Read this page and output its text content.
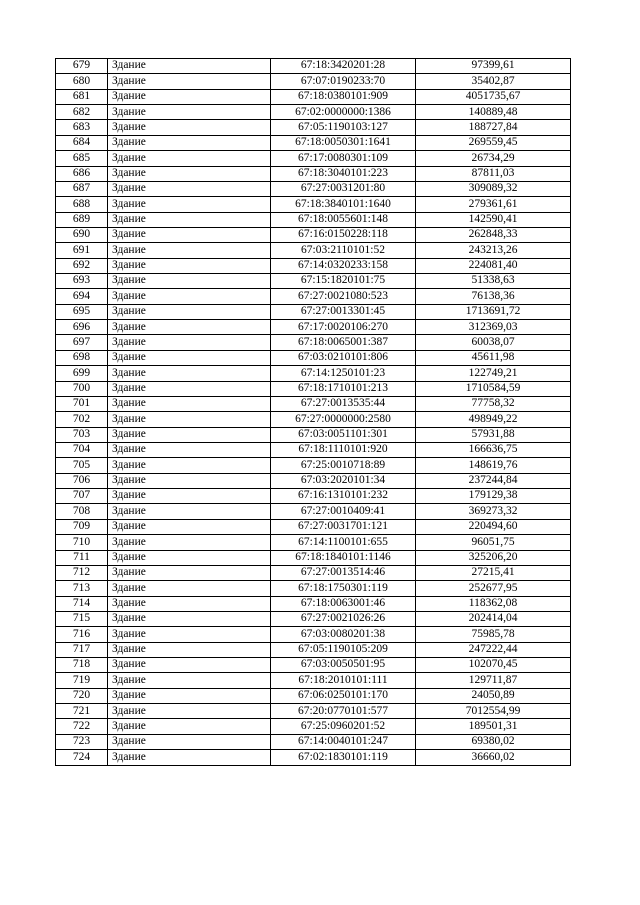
679	Здание	67:18:3420201:28	97399,61
680	Здание	67:07:0190233:70	35402,87
681	Здание	67:18:0380101:909	4051735,67
682	Здание	67:02:0000000:1386	140889,48
683	Здание	67:05:1190103:127	188727,84
684	Здание	67:18:0050301:1641	269559,45
685	Здание	67:17:0080301:109	26734,29
686	Здание	67:18:3040101:223	87811,03
687	Здание	67:27:0031201:80	309089,32
688	Здание	67:18:3840101:1640	279361,61
689	Здание	67:18:0055601:148	142590,41
690	Здание	67:16:0150228:118	262848,33
691	Здание	67:03:2110101:52	243213,26
692	Здание	67:14:0320233:158	224081,40
693	Здание	67:15:1820101:75	51338,63
694	Здание	67:27:0021080:523	76138,36
695	Здание	67:27:0013301:45	1713691,72
696	Здание	67:17:0020106:270	312369,03
697	Здание	67:18:0065001:387	60038,07
698	Здание	67:03:0210101:806	45611,98
699	Здание	67:14:1250101:23	122749,21
700	Здание	67:18:1710101:213	1710584,59
701	Здание	67:27:0013535:44	77758,32
702	Здание	67:27:0000000:2580	498949,22
703	Здание	67:03:0051101:301	57931,88
704	Здание	67:18:1110101:920	166636,75
705	Здание	67:25:0010718:89	148619,76
706	Здание	67:03:2020101:34	237244,84
707	Здание	67:16:1310101:232	179129,38
708	Здание	67:27:0010409:41	369273,32
709	Здание	67:27:0031701:121	220494,60
710	Здание	67:14:1100101:655	96051,75
711	Здание	67:18:1840101:1146	325206,20
712	Здание	67:27:0013514:46	27215,41
713	Здание	67:18:1750301:119	252677,95
714	Здание	67:18:0063001:46	118362,08
715	Здание	67:27:0021026:26	202414,04
716	Здание	67:03:0080201:38	75985,78
717	Здание	67:05:1190105:209	247222,44
718	Здание	67:03:0050501:95	102070,45
719	Здание	67:18:2010101:111	129711,87
720	Здание	67:06:0250101:170	24050,89
721	Здание	67:20:0770101:577	7012554,99
722	Здание	67:25:0960201:52	189501,31
723	Здание	67:14:0040101:247	69380,02
724	Здание	67:02:1830101:119	36660,02
